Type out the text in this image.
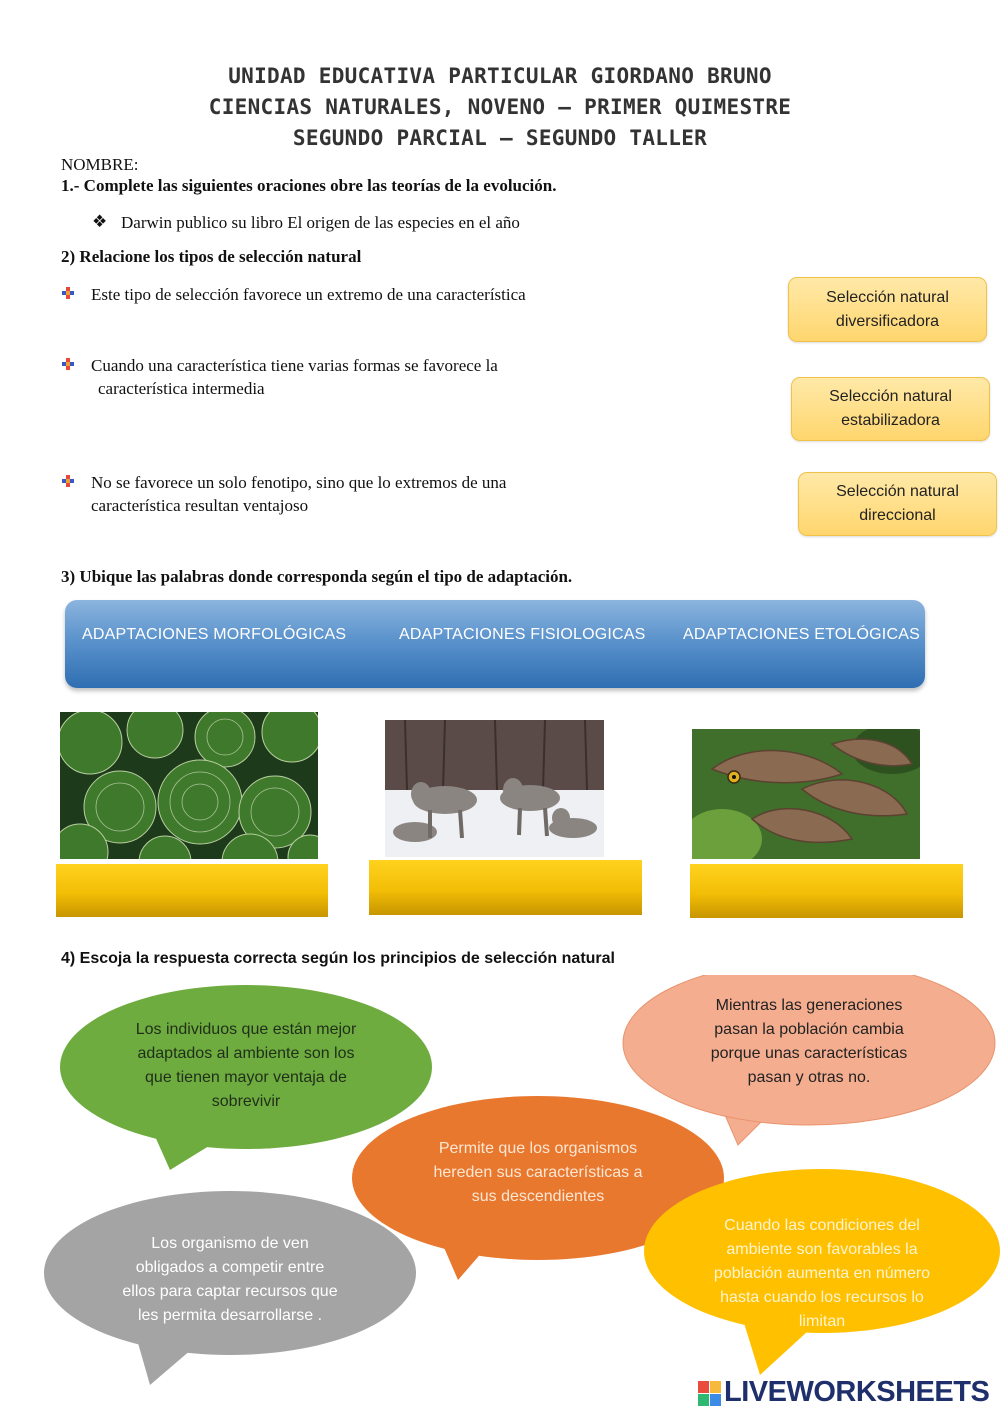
UNIDAD EDUCATIVA PARTICULAR GIORDANO BRUNO
CIENCIAS NATURALES, NOVENO – PRIMER QUIMESTRE
SEGUNDO PARCIAL – SEGUNDO TALLER
NOMBRE:
1.- Complete las siguientes oraciones obre las teorías de la evolución.
❖ Darwin publico su libro El origen de las especies en el año
2) Relacione los tipos de selección natural
Este tipo de selección favorece un extremo de una característica
Cuando una característica tiene varias formas se favorece la
característica intermedia
No se favorece un solo fenotipo, sino que lo extremos de una
característica resultan ventajoso
Selección natural
diversificadora
Selección natural
estabilizadora
Selección natural
direccional
3) Ubique las palabras donde corresponda según el tipo de adaptación.
ADAPTACIONES MORFOLÓGICAS	ADAPTACIONES FISIOLOGICAS ADAPTACIONES ETOLÓGICAS
4) Escoja la respuesta correcta según los principios de selección natural
Los individuos que están mejor
adaptados al ambiente son los
que tienen mayor ventaja de
sobrevivir
Mientras las generaciones
pasan la población cambia
porque unas características
pasan y otras no.
Permite que los organismos
hereden sus características a
sus descendientes
Los organismo de ven
obligados a competir entre
ellos para captar recursos que
les permita desarrollarse .
Cuando las condiciones del
ambiente son favorables la
población aumenta en número
hasta cuando los recursos lo
limitan
LIVEWORKSHEETS
